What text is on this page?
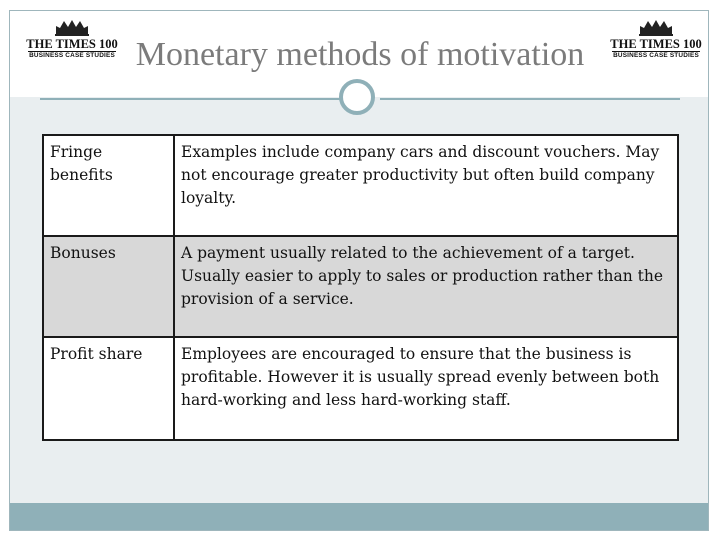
THE TIMES 100
BUSINESS CASE STUDIES
THE TIMES 100
BUSINESS CASE STUDIES
Monetary methods of motivation
Fringe benefits	Examples include company cars and discount vouchers. May not encourage greater productivity but often build company loyalty.
Bonuses	A payment usually related to the achievement of a target. Usually easier to apply to sales or production rather than the provision of a service.
Profit share	Employees are encouraged to ensure that the business is profitable. However it is usually spread evenly between both hard-working and less hard-working staff.
